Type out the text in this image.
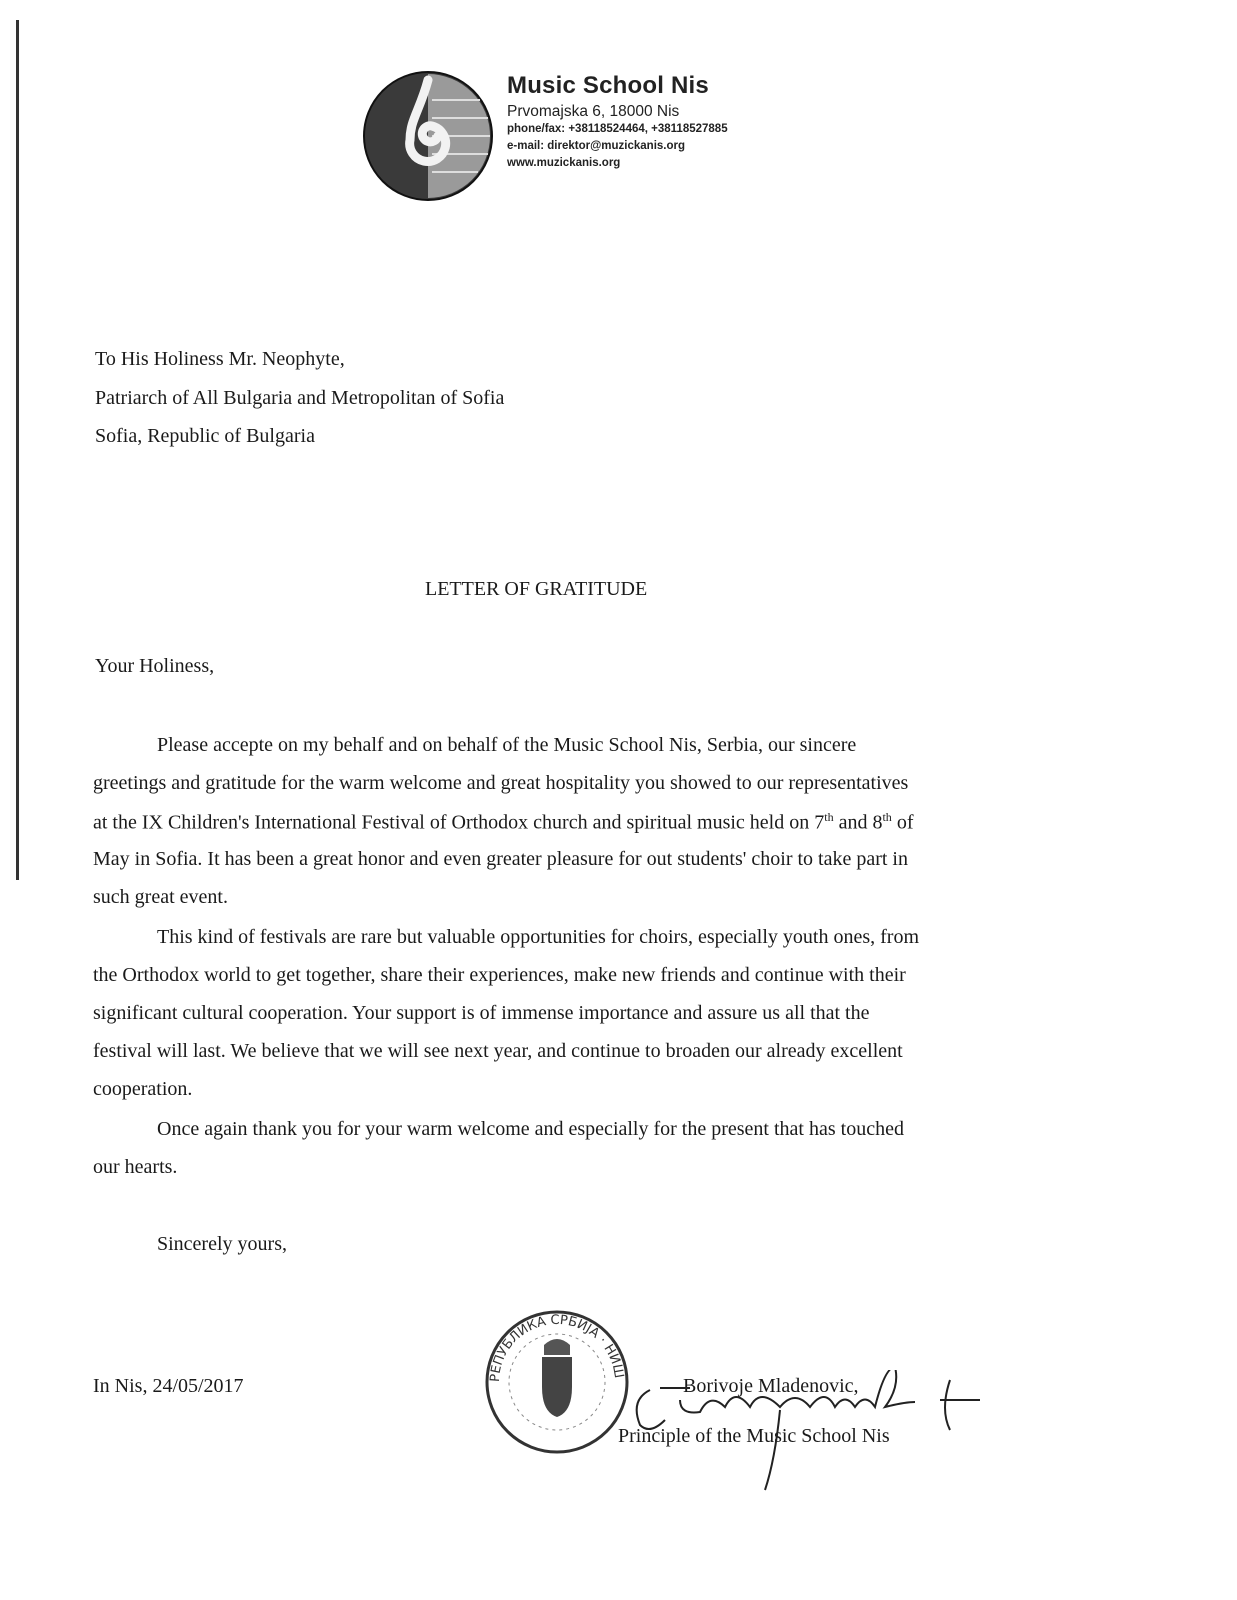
Music School Nis
Prvomajska 6, 18000 Nis
phone/fax: +38118524464, +38118527885
e-mail: direktor@muzickanis.org
www.muzickanis.org
To His Holiness Mr. Neophyte,
Patriarch of All Bulgaria and Metropolitan of Sofia
Sofia, Republic of Bulgaria
LETTER OF GRATITUDE
Your Holiness,
Please accepte on my behalf and on behalf of the Music School Nis, Serbia, our sincere
greetings and gratitude for the warm welcome and great hospitality you showed to our representatives
at the IX Children's International Festival of Orthodox church and spiritual music held on 7th and 8th of
May in Sofia. It has been a great honor and even greater pleasure for out students' choir to take part in
such great event.
This kind of festivals are rare but valuable opportunities for choirs, especially youth ones, from
the Orthodox world to get together, share their experiences, make new friends and continue with their
significant cultural cooperation. Your support is of immense importance and assure us all that the
festival will last. We believe that we will see next year, and continue to broaden our already excellent
cooperation.
Once again thank you for your warm welcome and especially for the present that has touched
our hearts.
Sincerely yours,
In Nis, 24/05/2017	РЕПУБЛИКА СРБИЈА · НИШ
Borivoje Mladenovic,
Principle of the Music School Nis
